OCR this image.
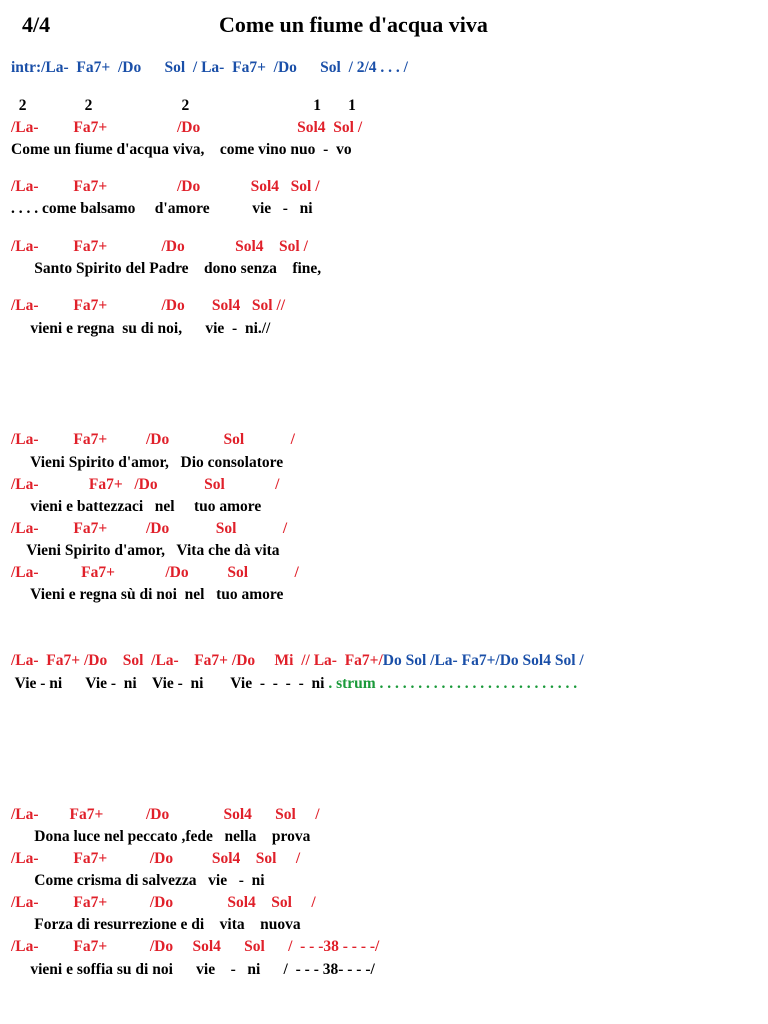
4/4	Come un fiume d'acqua viva
intr:/La-  Fa7+  /Do      Sol  / La-  Fa7+  /Do      Sol  / 2/4 . . . /
2               2                       2                                1       1
/La-         Fa7+                  /Do                         Sol4  Sol /
Come un fiume d'acqua viva,    come vino nuo  -  vo
/La-         Fa7+                  /Do             Sol4   Sol /
. . . . come balsamo     d'amore           vie   -   ni
/La-         Fa7+              /Do             Sol4    Sol /
Santo Spirito del Padre    dono senza    fine,
/La-         Fa7+              /Do       Sol4   Sol //
vieni e regna  su di noi,      vie  -  ni.//
/La-         Fa7+          /Do              Sol            /
Vieni Spirito d'amor,   Dio consolatore
/La-             Fa7+   /Do            Sol             /
vieni e battezzaci   nel     tuo amore
/La-         Fa7+          /Do            Sol            /
Vieni Spirito d'amor,   Vita che dà vita
/La-           Fa7+             /Do          Sol            /
Vieni e regna sù di noi  nel   tuo amore
/La-  Fa7+ /Do    Sol  /La-    Fa7+ /Do     Mi  // La-  Fa7+/Do Sol /La- Fa7+/Do Sol4 Sol /
Vie - ni      Vie -  ni    Vie -  ni       Vie  -  -  -  -  ni . strum . . . . . . . . . . . . . . . . . . . . . . . . . .
/La-        Fa7+           /Do              Sol4      Sol     /
Dona luce nel peccato ,fede   nella    prova
/La-         Fa7+           /Do          Sol4    Sol     /
Come crisma di salvezza   vie   -  ni
/La-         Fa7+           /Do              Sol4    Sol     /
Forza di resurrezione e di    vita    nuova
/La-         Fa7+           /Do     Sol4      Sol      /  - - -38 - - - -/
vieni e soffia su di noi      vie    -   ni      /  - - - 38- - - -/
